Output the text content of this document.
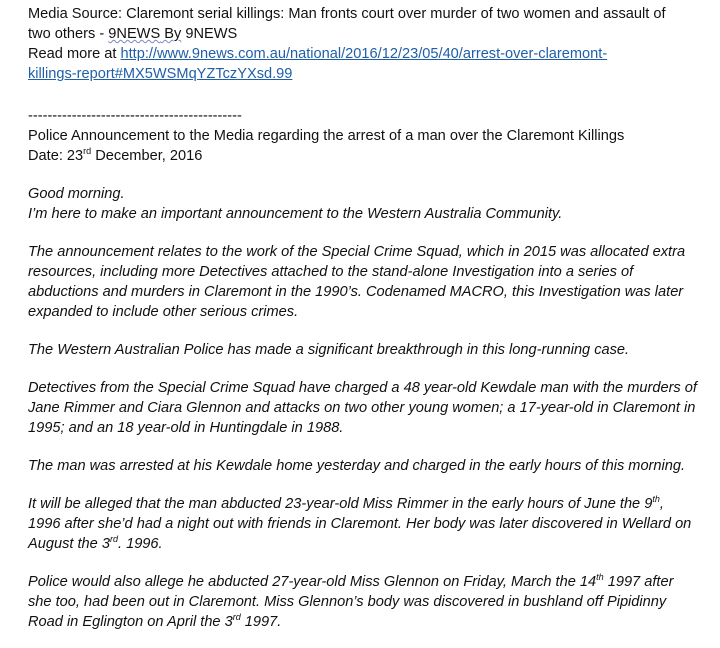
Media Source: Claremont serial killings: Man fronts court over murder of two women and assault of
two others - 9NEWS By 9NEWS

Read more at http://www.9news.com.au/national/2016/12/23/05/40/arrest-over-claremont-
killings-report#MX5WSMqYZTczYXsd.99

--------------------------------------------

Police Announcement to the Media regarding the arrest of a man over the Claremont Killings

Date: 23rd December, 2016

Good morning.

I’m here to make an important announcement to the Western Australia Community.

The announcement relates to the work of the Special Crime Squad, which in 2015 was allocated extra resources, including more Detectives attached to the stand-alone Investigation into a series of abductions and murders in Claremont in the 1990’s. Codenamed MACRO, this Investigation was later expanded to include other serious crimes.

The Western Australian Police has made a significant breakthrough in this long-running case.

Detectives from the Special Crime Squad have charged a 48 year-old Kewdale man with the murders of Jane Rimmer and Ciara Glennon and attacks on two other young women; a 17-year-old in Claremont in 1995; and an 18 year-old in Huntingdale in 1988.

The man was arrested at his Kewdale home yesterday and charged in the early hours of this morning.

It will be alleged that the man abducted 23-year-old Miss Rimmer in the early hours of June the 9th, 1996 after she’d had a night out with friends in Claremont. Her body was later discovered in Wellard on August the 3rd. 1996.

Police would also allege he abducted 27-year-old Miss Glennon on Friday, March the 14th 1997 after she too, had been out in Claremont. Miss Glennon’s body was discovered in bushland off Pipidinny Road in Eglington on April the 3rd 1997.
